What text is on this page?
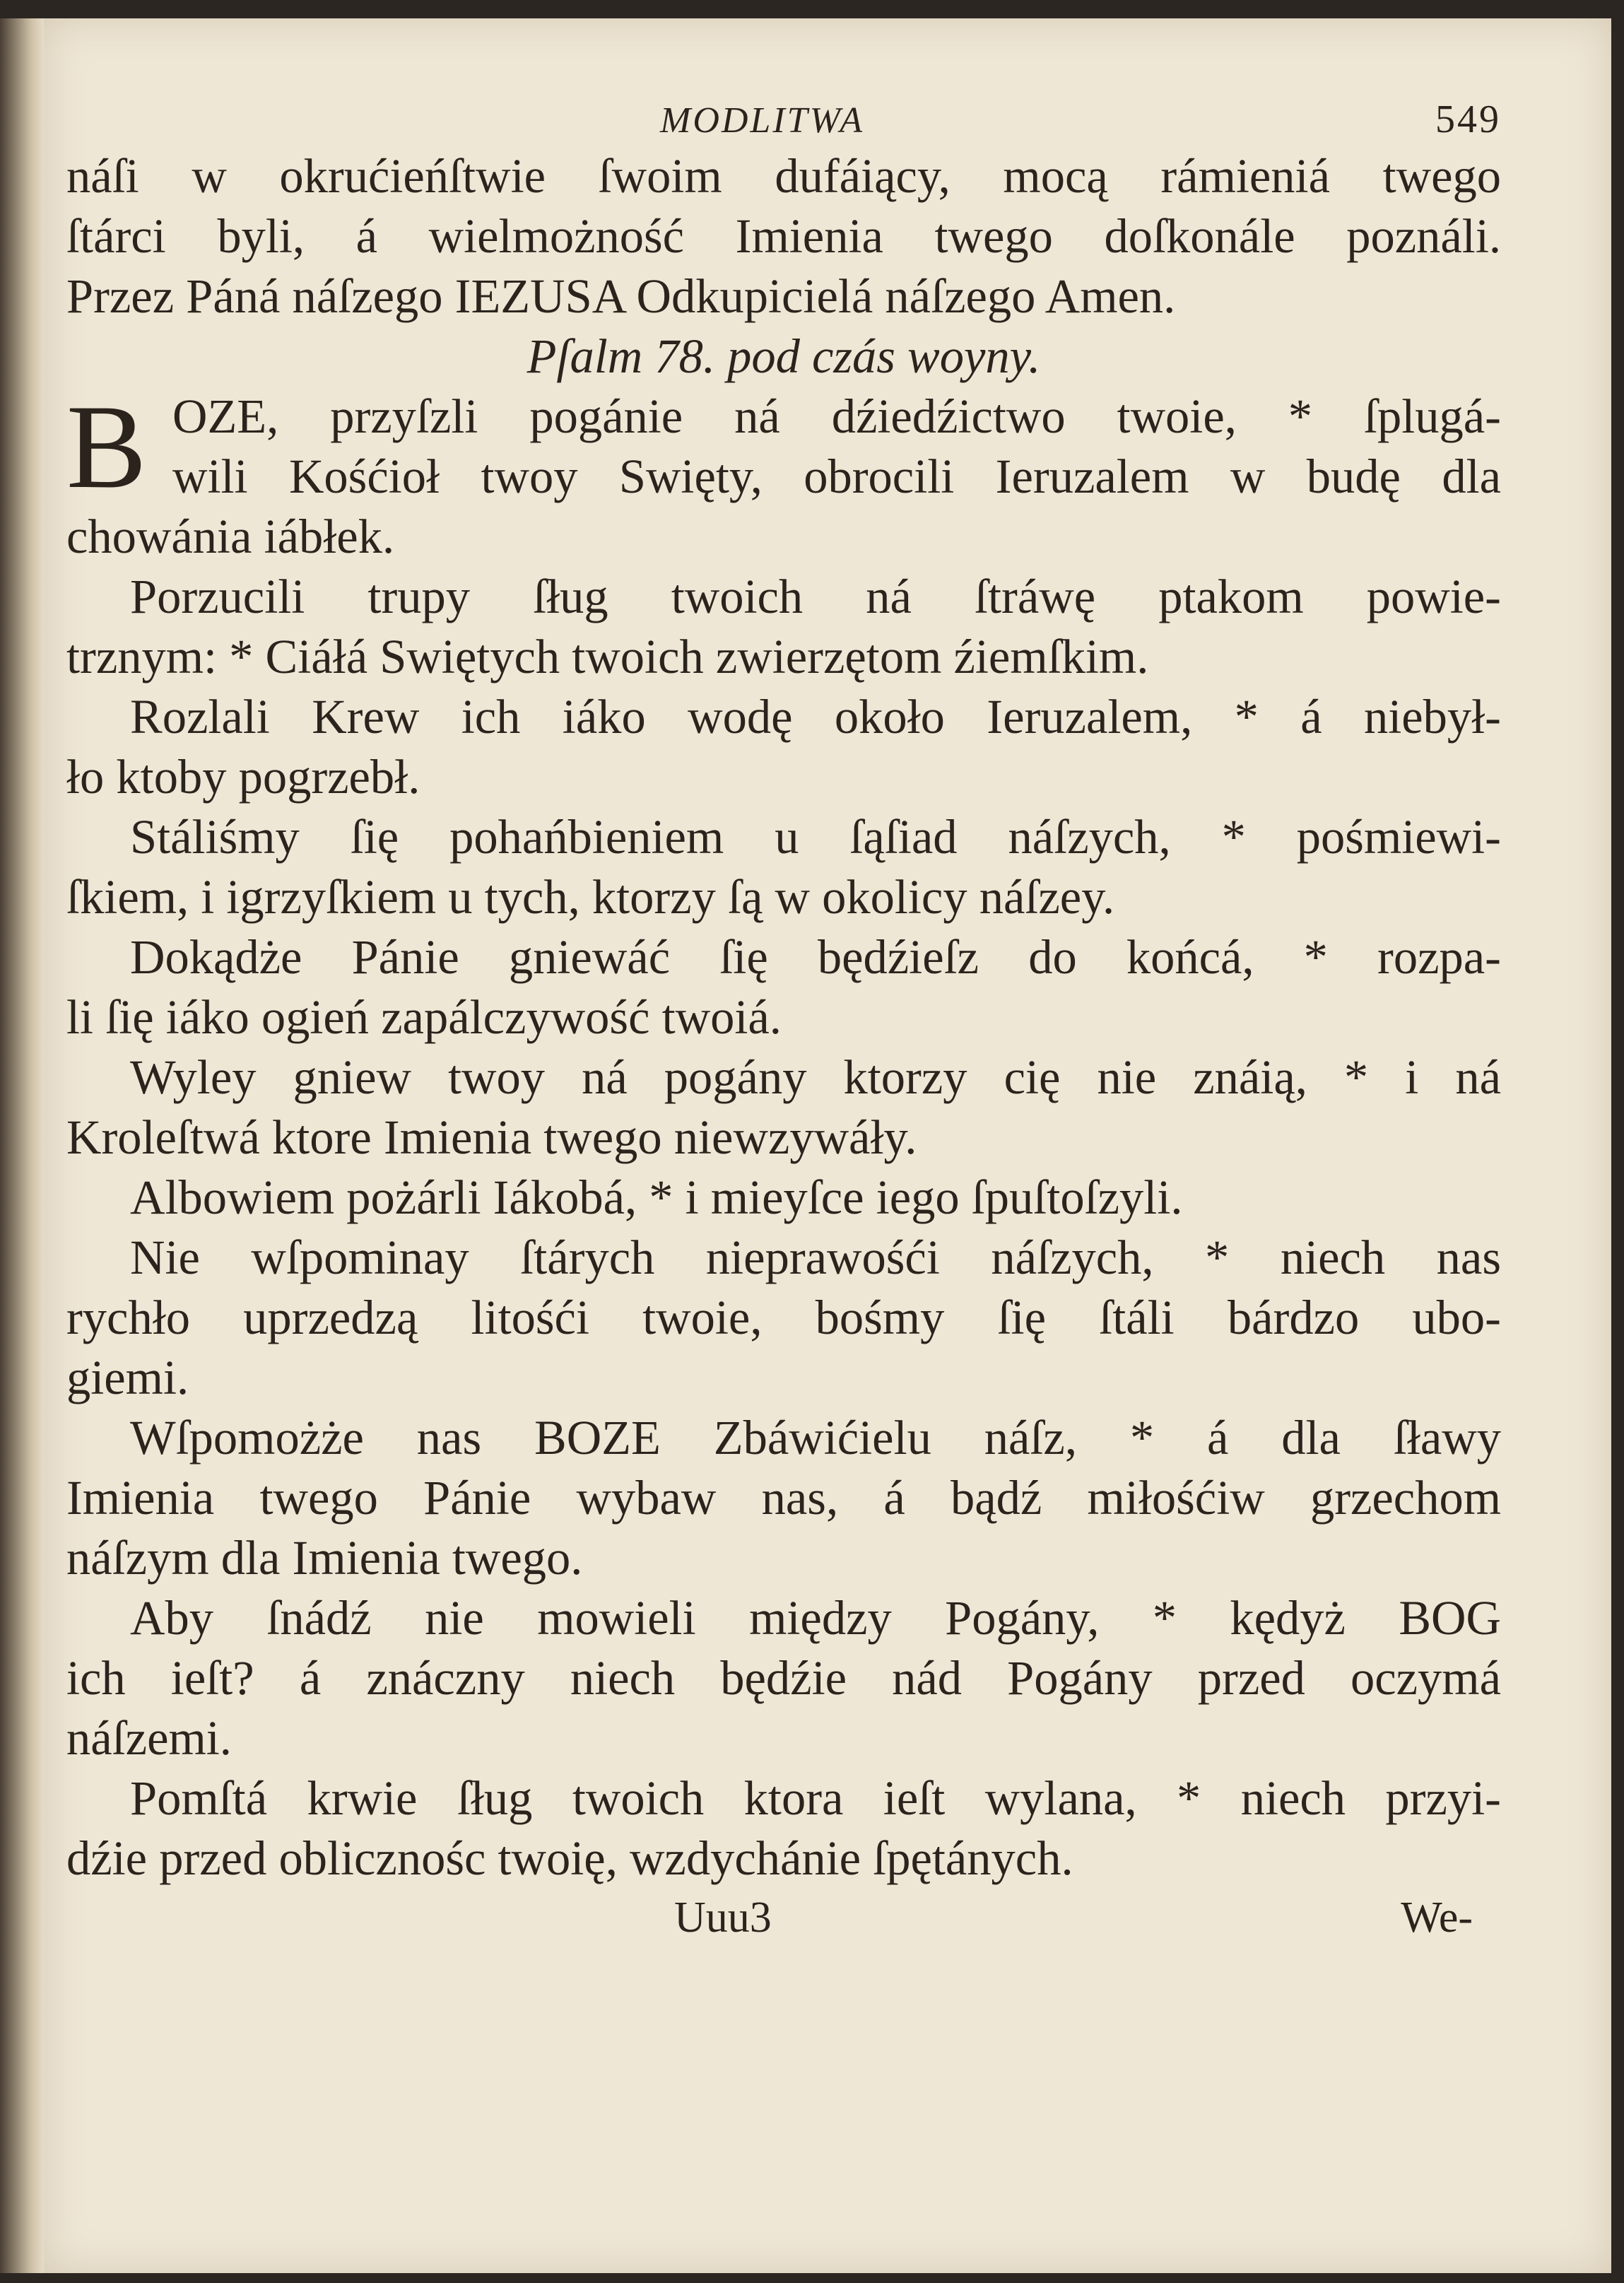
MODLITWA	549
náſi w okrućieńſtwie ſwoim dufáiący, mocą rámieniá twego
ſtárci byli, á wielmożność Imienia twego doſkonále poználi.
Przez Páná náſzego IEZUSA Odkupicielá náſzego Amen.
Pſalm 78. pod czás woyny.
B OZE, przyſzli pogánie ná dźiedźictwo twoie, * ſplugá-
wili Kośćioł twoy Swięty, obrocili Ieruzalem w budę dla
chowánia iábłek.
Porzucili trupy ſług twoich ná ſtráwę ptakom powie-
trznym: * Ciáłá Swiętych twoich zwierzętom źiemſkim.
Rozlali Krew ich iáko wodę około Ieruzalem, * á niebył-
ło ktoby pogrzebł.
Stáliśmy ſię pohańbieniem u ſąſiad náſzych, * pośmiewi-
ſkiem, i igrzyſkiem u tych, ktorzy ſą w okolicy náſzey.
Dokądże Pánie gniewáć ſię będźieſz do końcá, * rozpa-
li ſię iáko ogień zapálczywość twoiá.
Wyley gniew twoy ná pogány ktorzy cię nie znáią, * i ná
Kroleſtwá ktore Imienia twego niewzywáły.
Albowiem pożárli Iákobá, * i mieyſce iego ſpuſtoſzyli.
Nie wſpominay ſtárych nieprawośći náſzych, * niech nas
rychło uprzedzą litośći twoie, bośmy ſię ſtáli bárdzo ubo-
giemi.
Wſpomożże nas BOZE Zbáwićielu náſz, * á dla ſławy
Imienia twego Pánie wybaw nas, á bądź miłośćiw grzechom
náſzym dla Imienia twego.
Aby ſnádź nie mowieli między Pogány, * kędyż BOG
ich ieſt? á znáczny niech będźie nád Pogány przed oczymá
náſzemi.
Pomſtá krwie ſług twoich ktora ieſt wylana, * niech przyi-
dźie przed oblicznośc twoię, wzdychánie ſpętánych.
Uuu3	We-
